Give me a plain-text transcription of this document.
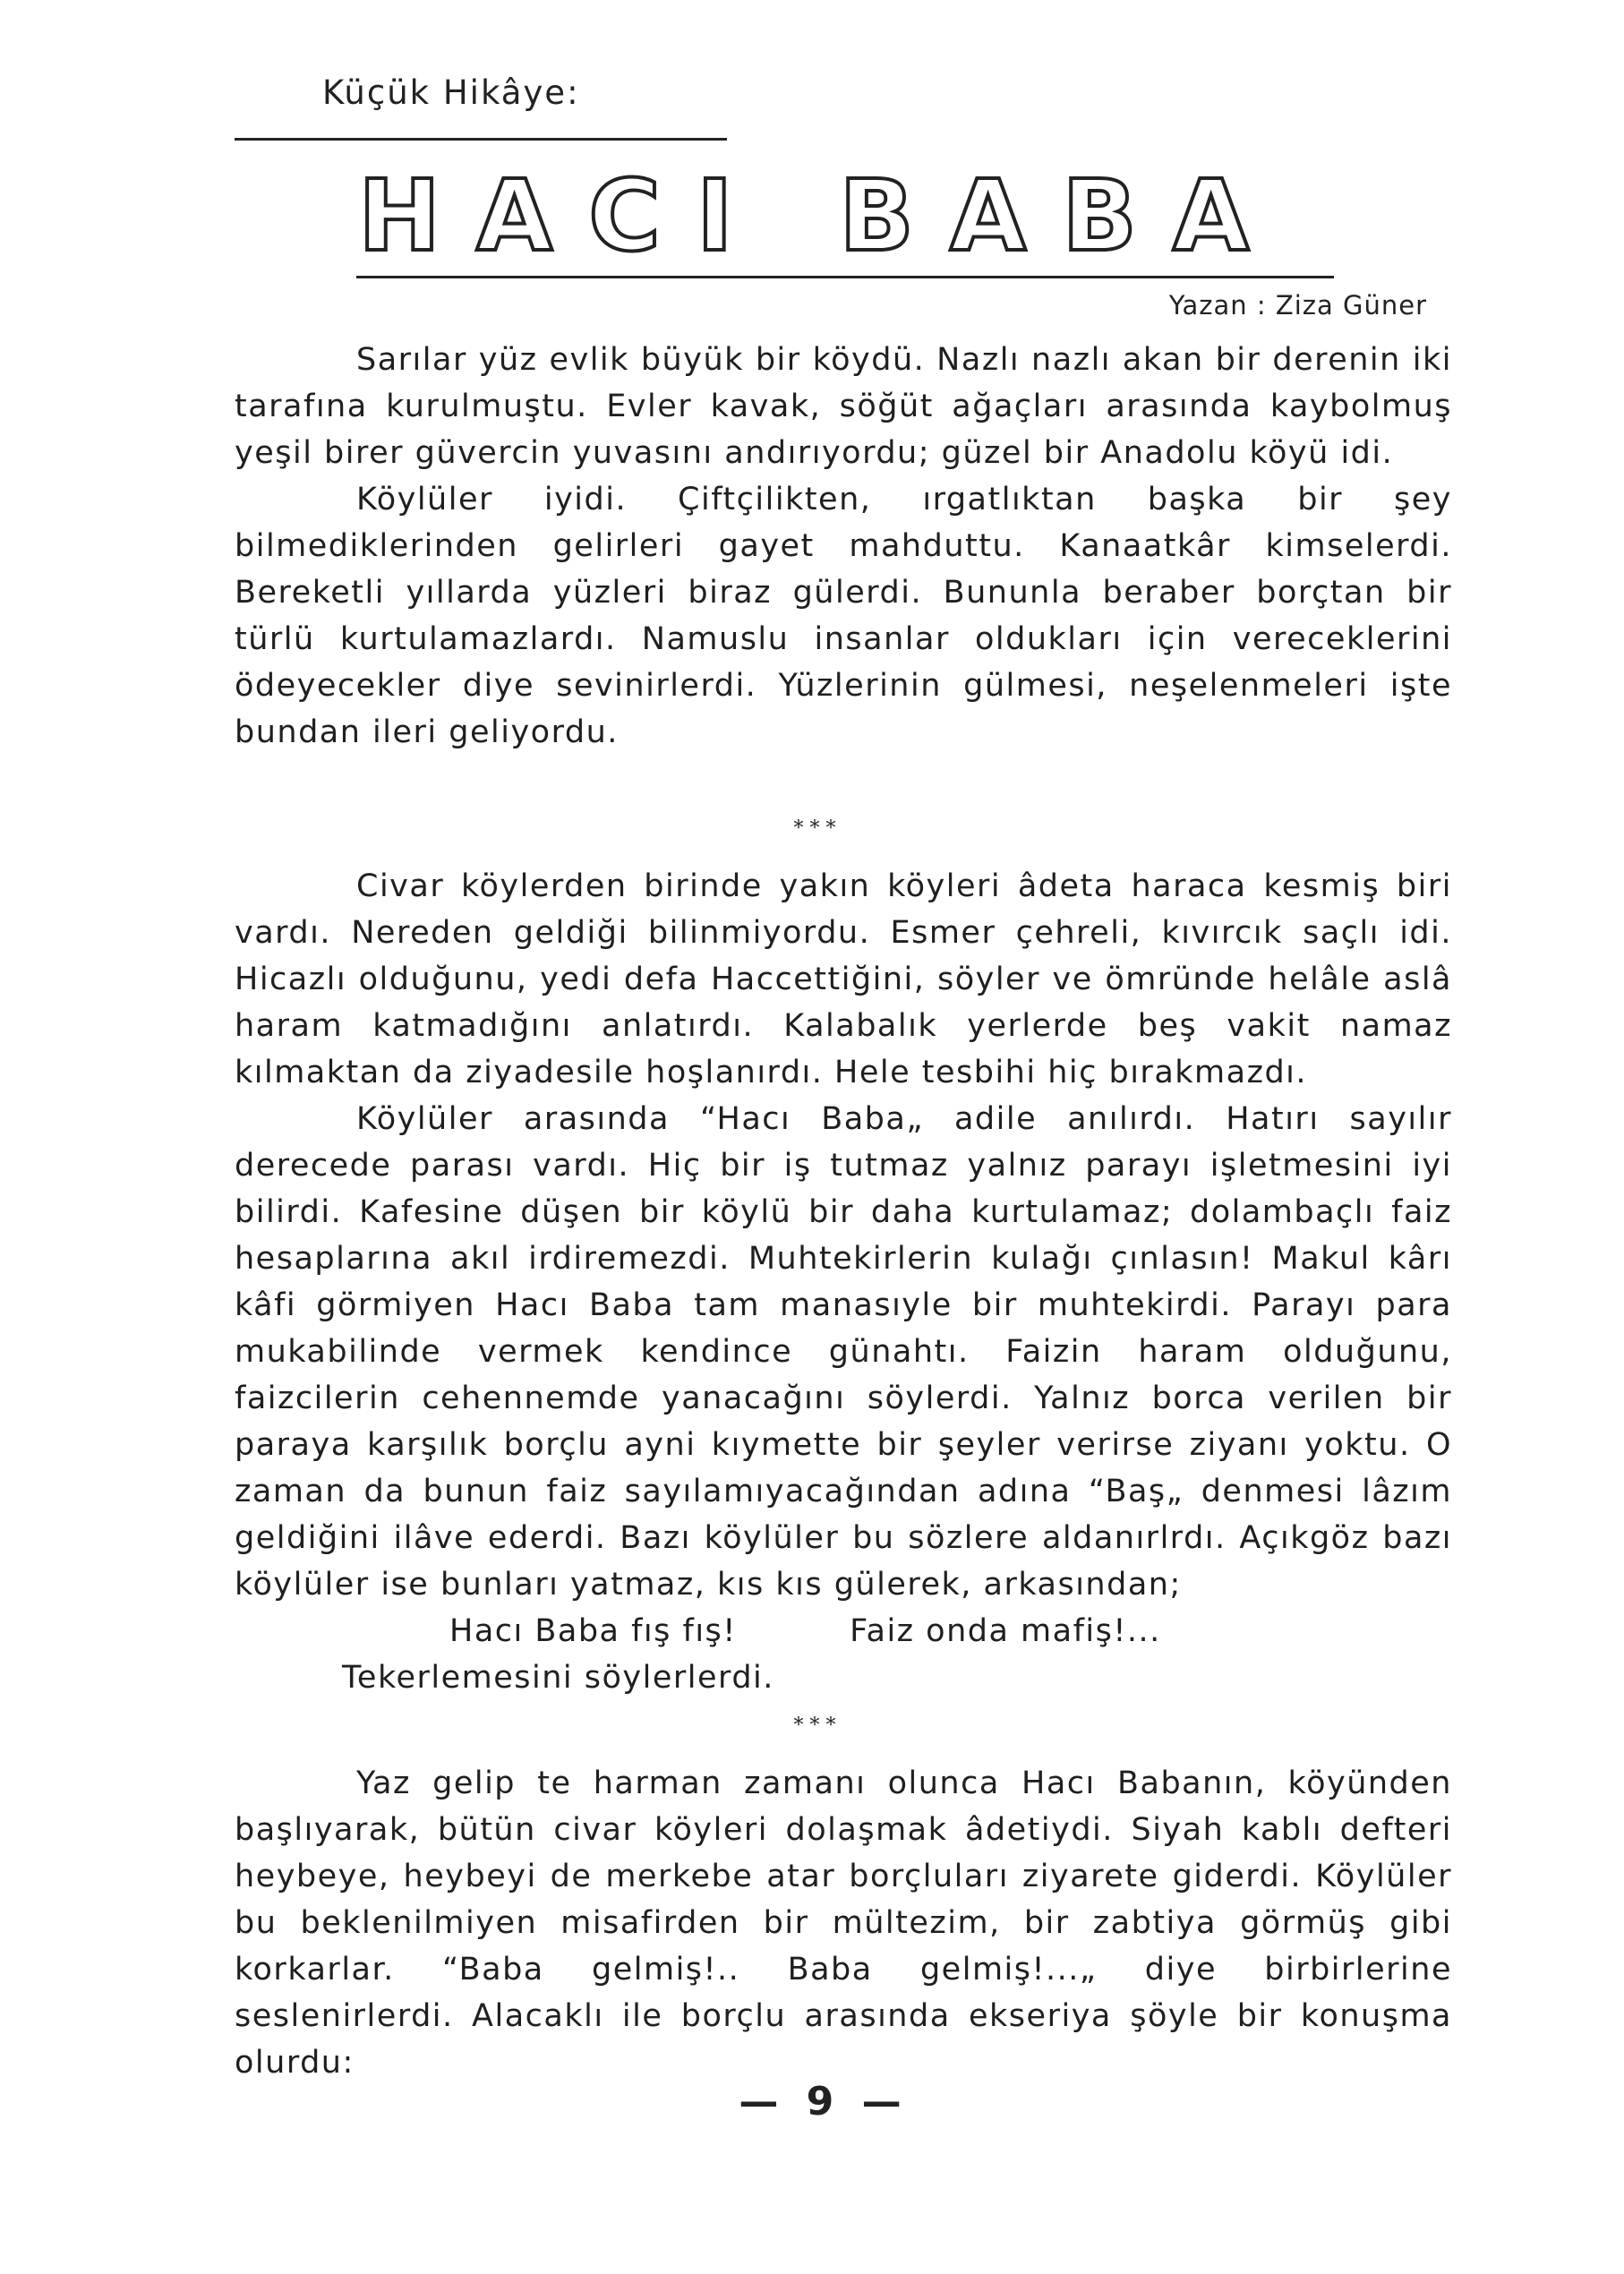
Küçük Hikâye:
HACI BABA
Yazan : Ziza Güner

Sarılar yüz evlik büyük bir köydü. Nazlı nazlı akan bir derenin iki tarafına kurulmuştu. Evler kavak, söğüt ağaçları arasında kaybolmuş yeşil birer güvercin yuvasını andırıyordu; güzel bir Anadolu köyü idi.

Köylüler iyidi. Çiftçilikten, ırgatlıktan başka bir şey bilmediklerinden gelirleri gayet mahduttu. Kanaatkâr kimselerdi. Bereketli yıllarda yüzleri biraz gülerdi. Bununla beraber borçtan bir türlü kurtulamazlardı. Namuslu insanlar oldukları için vereceklerini ödeyecekler diye sevinirlerdi. Yüzlerinin gülmesi, neşelenmeleri işte bundan ileri geliyordu.

* * *

Civar köylerden birinde yakın köyleri âdeta haraca kesmiş biri vardı. Nereden geldiği bilinmiyordu. Esmer çehreli, kıvırcık saçlı idi. Hicazlı olduğunu, yedi defa Haccettiğini, söyler ve ömründe helâle aslâ haram katmadığını anlatırdı. Kalabalık yerlerde beş vakit namaz kılmaktan da ziyadesile hoşlanırdı. Hele tesbihi hiç bırakmazdı.

Köylüler arasında “Hacı Baba„ adile anılırdı. Hatırı sayılır derecede parası vardı. Hiç bir iş tutmaz yalnız parayı işletmesini iyi bilirdi. Kafesine düşen bir köylü bir daha kurtulamaz; dolambaçlı faiz hesaplarına akıl irdiremezdi. Muhtekirlerin kulağı çınlasın! Makul kârı kâfi görmiyen Hacı Baba tam manasıyle bir muhtekirdi. Parayı para mukabilinde vermek kendince günahtı. Faizin haram olduğunu, faizcilerin cehennemde yanacağını söylerdi. Yalnız borca verilen bir paraya karşılık borçlu ayni kıymette bir şeyler verirse ziyanı yoktu. O zaman da bunun faiz sayılamıyacağından adına “Baş„ denmesi lâzım geldiğini ilâve ederdi. Bazı köylüler bu sözlere aldanırlrdı. Açıkgöz bazı köylüler ise bunları yatmaz, kıs kıs gülerek, arkasından;

Hacı Baba fış fış!          Faiz onda mafiş!...
Tekerlemesini söylerlerdi.
* * *

Yaz gelip te harman zamanı olunca Hacı Babanın, köyünden başlıyarak, bütün civar köyleri dolaşmak âdetiydi. Siyah kablı defteri heybeye, heybeyi de merkebe atar borçluları ziyarete giderdi. Köylüler bu beklenilmiyen misafirden bir mültezim, bir zabtiya görmüş gibi korkarlar. “Baba gelmiş!.. Baba gelmiş!...„ diye birbirlerine seslenirlerdi. Alacaklı ile borçlu arasında ekseriya şöyle bir konuşma olurdu:

— 9 —
